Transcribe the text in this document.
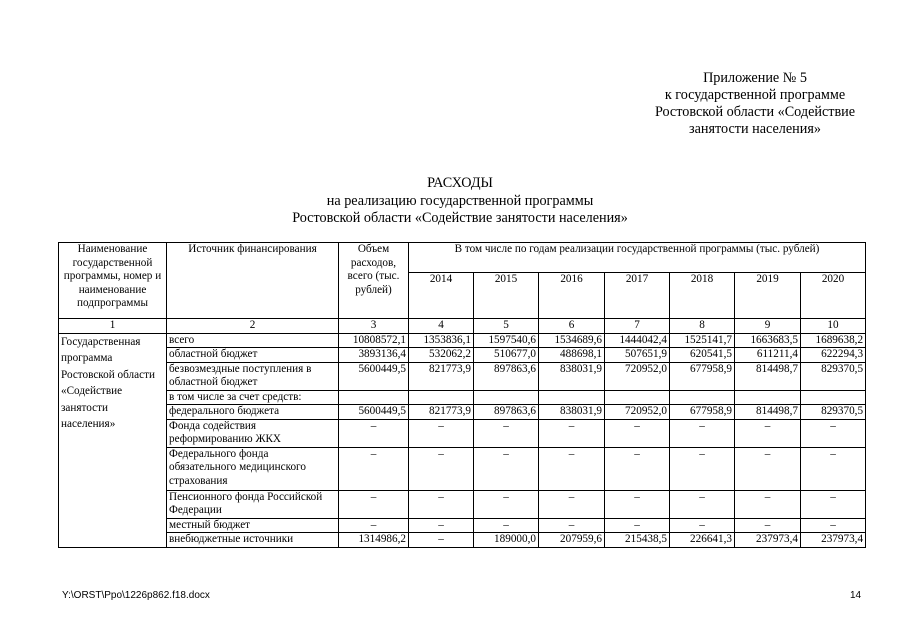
Приложение № 5
к государственной программе
Ростовской области «Содействие
занятости населения»
РАСХОДЫ
на реализацию государственной программы
Ростовской области «Содействие занятости населения»
Наименование государственной программы, номер и наименование подпрограммы	Источник финансирования	Объем расходов, всего (тыс. рублей)	В том числе по годам реализации государственной программы (тыс. рублей)						
			2014	2015	2016	2017	2018	2019	2020
1	2	3	4	5	6	7	8	9	10
Государственная программа Ростовской области «Содействие занятости населения»	всего	10808572,1	1353836,1	1597540,6	1534689,6	1444042,4	1525141,7	1663683,5	1689638,2
	областной бюджет	3893136,4	532062,2	510677,0	488698,1	507651,9	620541,5	611211,4	622294,3
	безвозмездные поступления в областной бюджет	5600449,5	821773,9	897863,6	838031,9	720952,0	677958,9	814498,7	829370,5
	в том числе за счет средств:								
	федерального бюджета	5600449,5	821773,9	897863,6	838031,9	720952,0	677958,9	814498,7	829370,5
	Фонда содействия реформированию ЖКХ	–	–	–	–	–	–	–	–
	Федерального фонда обязательного медицинского страхования	–	–	–	–	–	–	–	–
	Пенсионного фонда Российской Федерации	–	–	–	–	–	–	–	–
	местный бюджет	–	–	–	–	–	–	–	–
	внебюджетные источники	1314986,2	–	189000,0	207959,6	215438,5	226641,3	237973,4	237973,4
Y:\ORST\Ppo\1226p862.f18.docx	14
